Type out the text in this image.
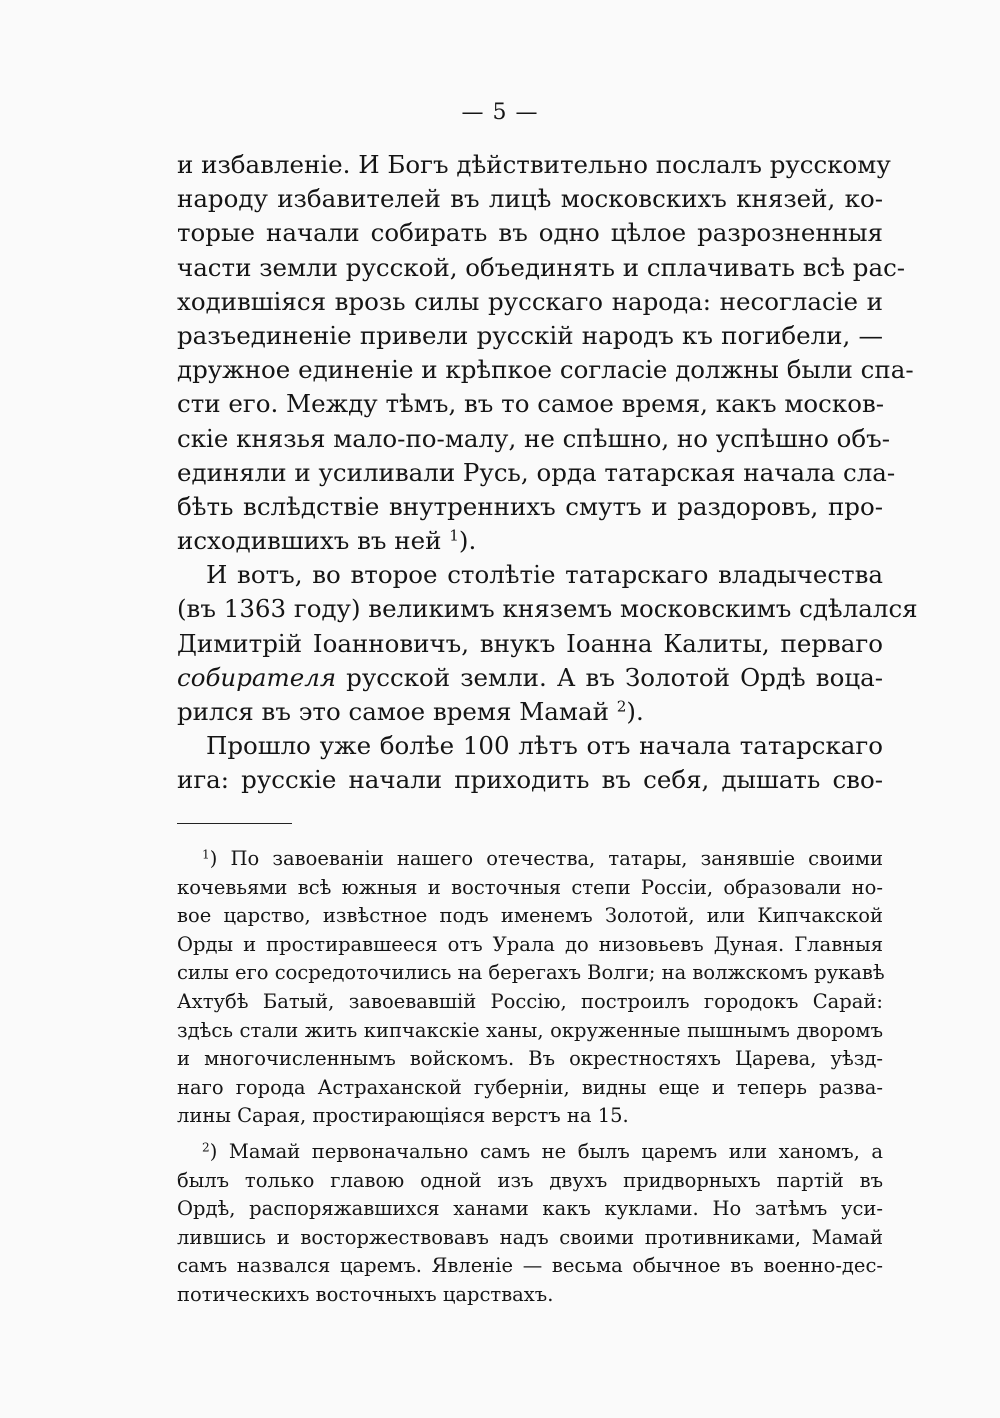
— 5 —
и избавленіе. И Богъ дѣйствительно послалъ русскому
народу избавителей въ лицѣ московскихъ князей, ко-
торые начали собирать въ одно цѣлое разрозненныя
части земли русской, объединять и сплачивать всѣ рас-
ходившіяся врозь силы русскаго народа: несогласіе и
разъединеніе привели русскій народъ къ погибели, —
дружное единеніе и крѣпкое согласіе должны были спа-
сти его. Между тѣмъ, въ то самое время, какъ москов-
скіе князья мало-по-малу, не спѣшно, но успѣшно объ-
единяли и усиливали Русь, орда татарская начала сла-
бѣть вслѣдствіе внутреннихъ смутъ и раздоровъ, про-
исходившихъ въ ней $^1$).
И вотъ, во второе столѣтіе татарскаго владычества
(въ 1363 году) великимъ княземъ московскимъ сдѣлался
Димитрій Іоанновичъ, внукъ Іоанна Калиты, перваго
собирателя русской земли. А въ Золотой Ордѣ воца-
рился въ это самое время Мамай $^2$).
Прошло уже болѣе 100 лѣтъ отъ начала татарскаго
ига: русскіе начали приходить въ себя, дышать сво-
$^1$) По завоеваніи нашего отечества, татары, занявшіе своими
кочевьями всѣ южныя и восточныя степи Россіи, образовали но-
вое царство, извѣстное подъ именемъ Золотой, или Кипчакской
Орды и простиравшееся отъ Урала до низовьевъ Дуная. Главныя
силы его сосредоточились на берегахъ Волги; на волжскомъ рукавѣ
Ахтубѣ Батый, завоевавшій Россію, построилъ городокъ Сарай:
здѣсь стали жить кипчакскіе ханы, окруженные пышнымъ дворомъ
и многочисленнымъ войскомъ. Въ окрестностяхъ Царева, уѣзд-
наго города Астраханской губерніи, видны еще и теперь разва-
лины Сарая, простирающіяся верстъ на 15.
$^2$) Мамай первоначально самъ не былъ царемъ или ханомъ, а
былъ только главою одной изъ двухъ придворныхъ партій въ
Ордѣ, распоряжавшихся ханами какъ куклами. Но затѣмъ уси-
лившись и восторжествовавъ надъ своими противниками, Мамай
самъ назвался царемъ. Явленіе — весьма обычное въ военно-дес-
потическихъ восточныхъ царствахъ.
